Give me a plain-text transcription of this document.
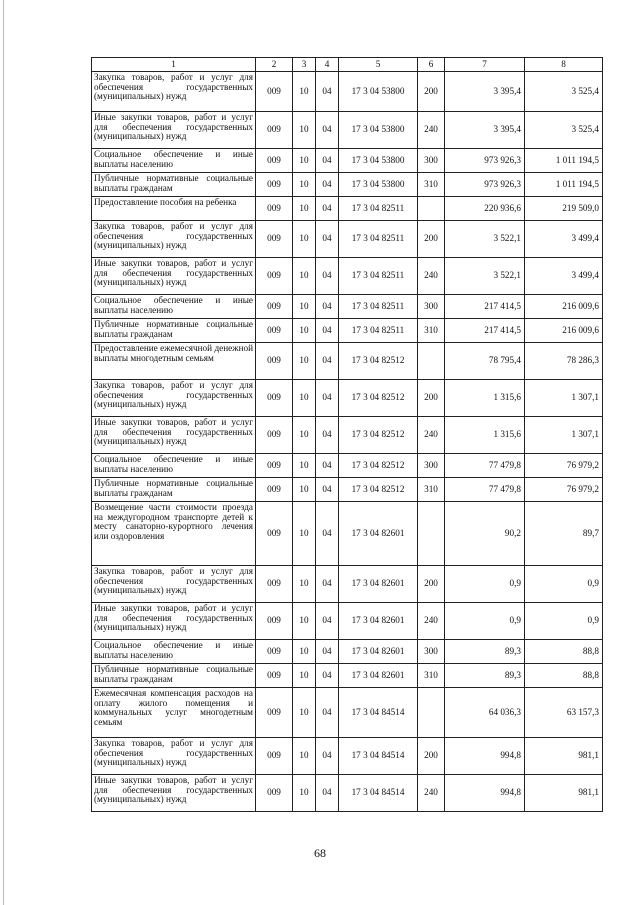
1	2	3	4	5	6	7	8
Закупка товаров, работ и услуг для обеспечения государственных (муниципальных) нужд	009	10	04	17 3 04 53800	200	3 395,4	3 525,4
Иные закупки товаров, работ и услуг для обеспечения государственных (муниципальных) нужд	009	10	04	17 3 04 53800	240	3 395,4	3 525,4
Социальное обеспечение и иные выплаты населению	009	10	04	17 3 04 53800	300	973 926,3	1 011 194,5
Публичные нормативные социальные выплаты гражданам	009	10	04	17 3 04 53800	310	973 926,3	1 011 194,5
Предоставление пособия на ребенка	009	10	04	17 3 04 82511		220 936,6	219 509,0
Закупка товаров, работ и услуг для обеспечения государственных (муниципальных) нужд	009	10	04	17 3 04 82511	200	3 522,1	3 499,4
Иные закупки товаров, работ и услуг для обеспечения государственных (муниципальных) нужд	009	10	04	17 3 04 82511	240	3 522,1	3 499,4
Социальное обеспечение и иные выплаты населению	009	10	04	17 3 04 82511	300	217 414,5	216 009,6
Публичные нормативные социальные выплаты гражданам	009	10	04	17 3 04 82511	310	217 414,5	216 009,6
Предоставление ежемесячной денежной выплаты многодетным семьям	009	10	04	17 3 04 82512		78 795,4	78 286,3
Закупка товаров, работ и услуг для обеспечения государственных (муниципальных) нужд	009	10	04	17 3 04 82512	200	1 315,6	1 307,1
Иные закупки товаров, работ и услуг для обеспечения государственных (муниципальных) нужд	009	10	04	17 3 04 82512	240	1 315,6	1 307,1
Социальное обеспечение и иные выплаты населению	009	10	04	17 3 04 82512	300	77 479,8	76 979,2
Публичные нормативные социальные выплаты гражданам	009	10	04	17 3 04 82512	310	77 479,8	76 979,2
Возмещение части стоимости проезда на междугородном транспорте детей к месту санаторно-курортного лечения или оздоровления	009	10	04	17 3 04 82601		90,2	89,7
Закупка товаров, работ и услуг для обеспечения государственных (муниципальных) нужд	009	10	04	17 3 04 82601	200	0,9	0,9
Иные закупки товаров, работ и услуг для обеспечения государственных (муниципальных) нужд	009	10	04	17 3 04 82601	240	0,9	0,9
Социальное обеспечение и иные выплаты населению	009	10	04	17 3 04 82601	300	89,3	88,8
Публичные нормативные социальные выплаты гражданам	009	10	04	17 3 04 82601	310	89,3	88,8
Ежемесячная компенсация расходов на оплату жилого помещения и коммунальных услуг многодетным семьям	009	10	04	17 3 04 84514		64 036,3	63 157,3
Закупка товаров, работ и услуг для обеспечения государственных (муниципальных) нужд	009	10	04	17 3 04 84514	200	994,8	981,1
Иные закупки товаров, работ и услуг для обеспечения государственных (муниципальных) нужд	009	10	04	17 3 04 84514	240	994,8	981,1
68
